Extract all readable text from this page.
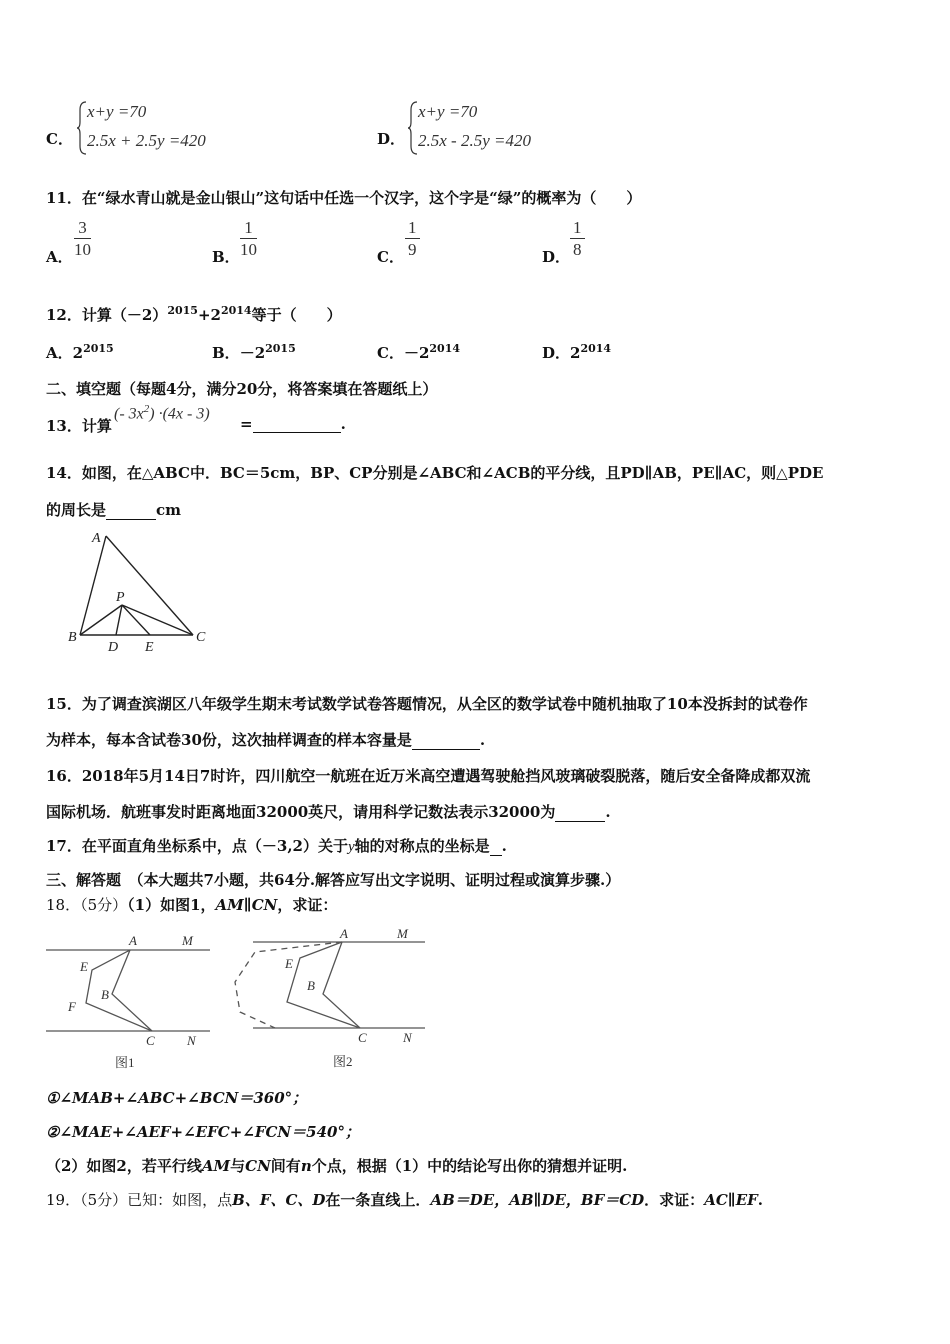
C．
x+y =70
2.5x + 2.5y =420	D．
x+y =70
2.5x - 2.5y =420
11．在“绿水青山就是金山银山”这句话中任选一个汉字，这个字是“绿”的概率为（　　）
A． $\frac{3}{10}$	B． $\frac{1}{10}$	C． $\frac{1}{9}$	D． $\frac{1}{8}$
12．计算$(-2)^{2015}+2^{2014}$等于（　　）
A．$2^{2015}$	B．$-2^{2015}$	C．$-2^{2014}$	D．$2^{2014}$
二、填空题（每题4分，满分20分，将答案填在答题纸上）
13．计算
(- $3x^2) \cdot(4x - 3)$
=	.
14．如图，在△ABC中．BC＝5cm，BP、CP分别是∠ABC和∠ACB的平分线，且PD∥AB，PE∥AC，则△PDE
的周长是	cm
A
P
B	C
D E
15．为了调查滨湖区八年级学生期末考试数学试卷答题情况，从全区的数学试卷中随机抽取了10本没拆封的试卷作
为样本，每本含试卷30份，这次抽样调查的样本容量是	.
16．2018年5月14日7时许，四川航空一航班在近万米高空遭遇驾驶舱挡风玻璃破裂脱落，随后安全备降成都双流
国际机场．航班事发时距离地面32000英尺，请用科学记数法表示32000为	.
17．在平面直角坐标系中，点（－3,2）关于y轴的对称点的坐标是 .
三、解答题　（本大题共7小题，共64分.解答应写出文字说明、证明过程或演算步骤.）
18．（5分）（1）如图1，AM∥CN，求证：
A	M
E
B
F
C N
图1
A	M
E
B
C	N
图2
①∠MAB+∠ABC+∠BCN＝360°；
②∠MAE+∠AEF+∠EFC+∠FCN＝540°；
（2）如图2，若平行线AM与CN间有n个点，根据（1）中的结论写出你的猜想并证明.
19．（5分）已知：如图，点B、F、C、D在一条直线上．AB＝DE，AB∥DE，BF＝CD．求证：AC∥EF.
